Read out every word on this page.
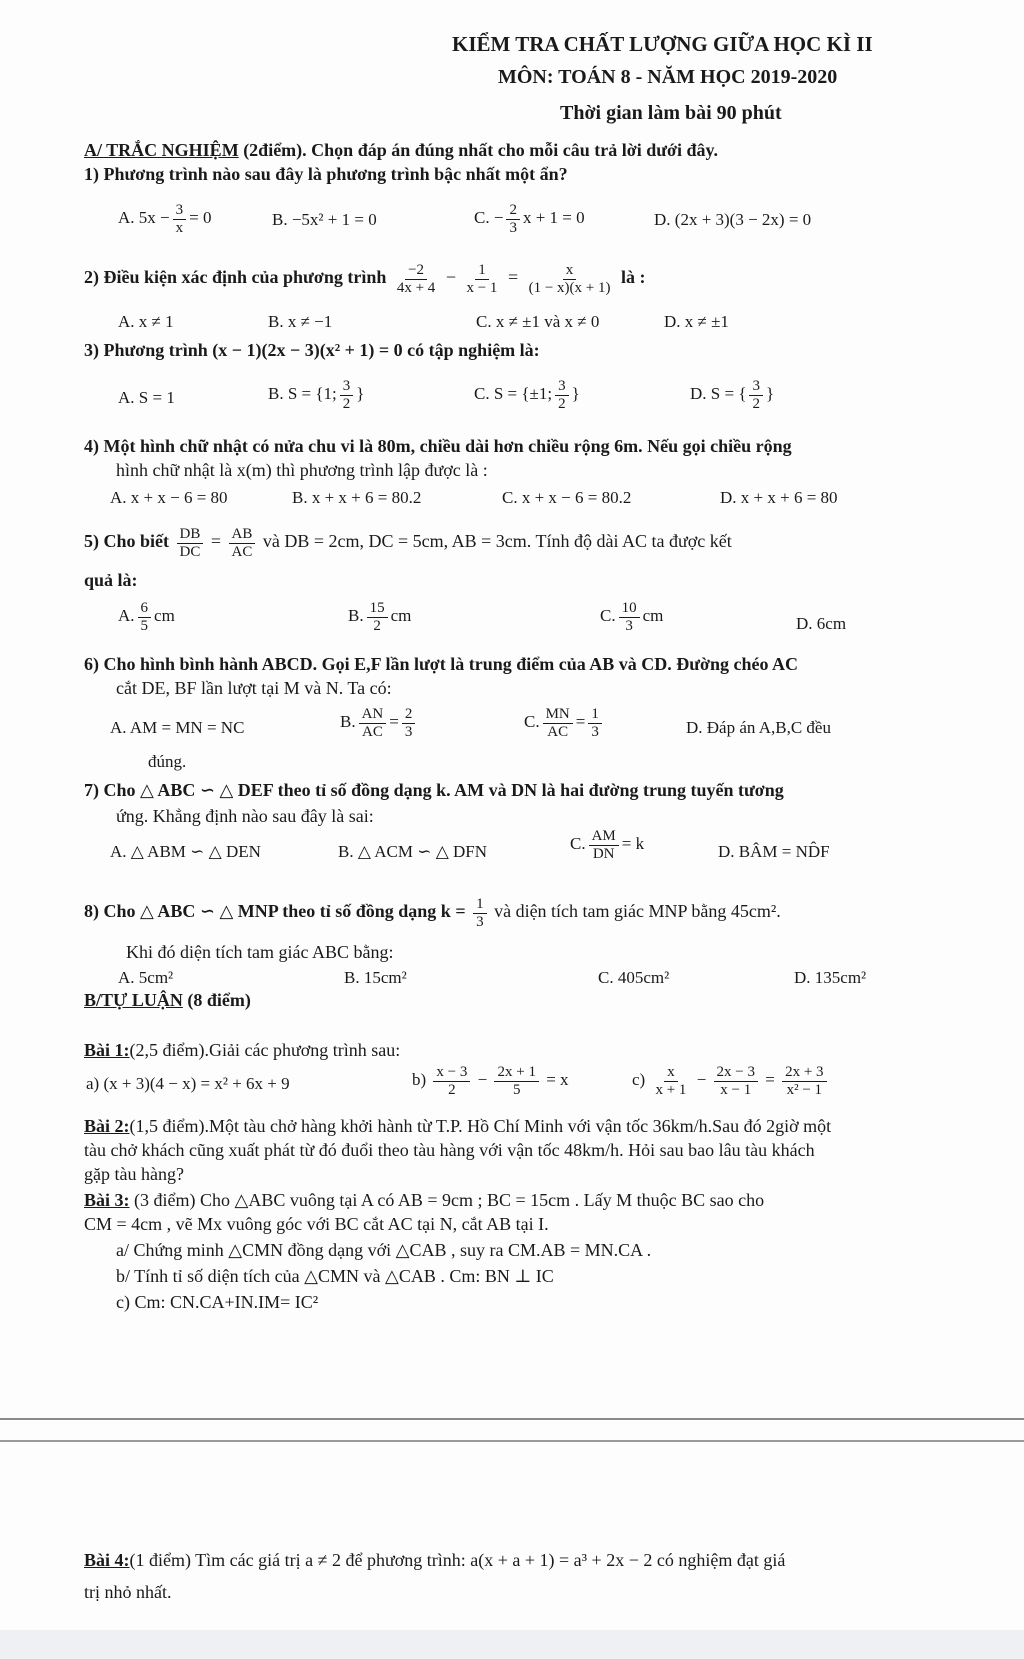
KIỂM TRA CHẤT LƯỢNG GIỮA HỌC KÌ II
MÔN: TOÁN 8 - NĂM HỌC 2019-2020
Thời gian làm bài 90 phút
A/ TRẮC NGHIỆM (2điểm). Chọn đáp án đúng nhất cho mỗi câu trả lời dưới đây.
1) Phương trình nào sau đây là phương trình bậc nhất một ẩn?
A. $5x - \frac{3}{x} = 0$	B. −5x² + 1 = 0	C. − $\frac{2}{3}$ x + 1 = 0	D. (2x + 3)(3 − 2x) = 0
2) Điều kiện xác định của phương trình $\frac{-2}{4x + 4} - \frac{1}{x - 1} = \frac{x}{(1 - x)(x + 1)}$ là :
A. x ≠ 1	B. x ≠ −1	C. x ≠ ±1 và x ≠ 0	D. x ≠ ±1
3) Phương trình (x − 1)(2x − 3)(x² + 1) = 0 có tập nghiệm là:
A. S = 1	B. S = {1; $\frac{3}{2}$ }	C. S = {±1; $\frac{3}{2}$ }	D. S = { $\frac{3}{2}$ }
4) Một hình chữ nhật có nửa chu vi là 80m, chiều dài hơn chiều rộng 6m. Nếu gọi chiều rộng
hình chữ nhật là x(m) thì phương trình lập được là :
A. x + x − 6 = 80	B. x + x + 6 = 80.2	C. x + x − 6 = 80.2	D. x + x + 6 = 80
5) Cho biết $\frac{DB}{DC} = \frac{AB}{AC}$ và DB = 2cm, DC = 5cm, AB = 3cm. Tính độ dài AC ta được kết
quả là:
A. $\frac{6}{5}$ cm	B. $\frac{15}{2}$ cm	C. $\frac{10}{3}$ cm	D. 6cm
6) Cho hình bình hành ABCD. Gọi E,F lần lượt là trung điểm của AB và CD. Đường chéo AC
cắt DE, BF lần lượt tại M và N. Ta có:
A. AM = MN = NC	B. $\frac{AN}{AC} = \frac{2}{3}$	C. $\frac{MN}{AC} = \frac{1}{3}$	D. Đáp án A,B,C đều
đúng.
7) Cho △ ABC ∽ △ DEF theo tỉ số đồng dạng k. AM và DN là hai đường trung tuyến tương
ứng. Khẳng định nào sau đây là sai:
A. △ ABM ∽ △ DEN	B. △ ACM ∽ △ DFN	C. $\frac{AM}{DN} = k$	D. BÂM = ND̂F
8) Cho △ ABC ∽ △ MNP theo tỉ số đồng dạng $k = \frac{1}{3}$ và diện tích tam giác MNP bằng 45cm².
Khi đó diện tích tam giác ABC bằng:
A. 5cm²	B. 15cm²	C. 405cm²	D. 135cm²
B/TỰ LUẬN (8 điểm)
Bài 1:(2,5 điểm).Giải các phương trình sau:
a) (x + 3)(4 − x) = x² + 6x + 9	$b) \frac{x - 3}{2} - \frac{2x + 1}{5} = x$	$c) \frac{x}{x + 1} - \frac{2x - 3}{x - 1} = \frac{2x + 3}{\text{x² − 1}}$
Bài 2:(1,5 điểm).Một tàu chở hàng khởi hành từ T.P. Hồ Chí Minh với vận tốc 36km/h.Sau đó 2giờ một
tàu chở khách cũng xuất phát từ đó đuổi theo tàu hàng với vận tốc 48km/h. Hỏi sau bao lâu tàu khách
gặp tàu hàng?
Bài 3: (3 điểm) Cho △ABC vuông tại A có AB = 9cm ; BC = 15cm . Lấy M thuộc BC sao cho
CM = 4cm , vẽ Mx vuông góc với BC cắt AC tại N, cắt AB tại I.
a/ Chứng minh △CMN đồng dạng với △CAB , suy ra CM.AB = MN.CA .
b/ Tính tỉ số diện tích của △CMN và △CAB . Cm: BN ⊥ IC
c) Cm: CN.CA+IN.IM= IC²
Bài 4:(1 điểm) Tìm các giá trị a ≠ 2 để phương trình: a(x + a + 1) = a³ + 2x − 2 có nghiệm đạt giá
trị nhỏ nhất.
